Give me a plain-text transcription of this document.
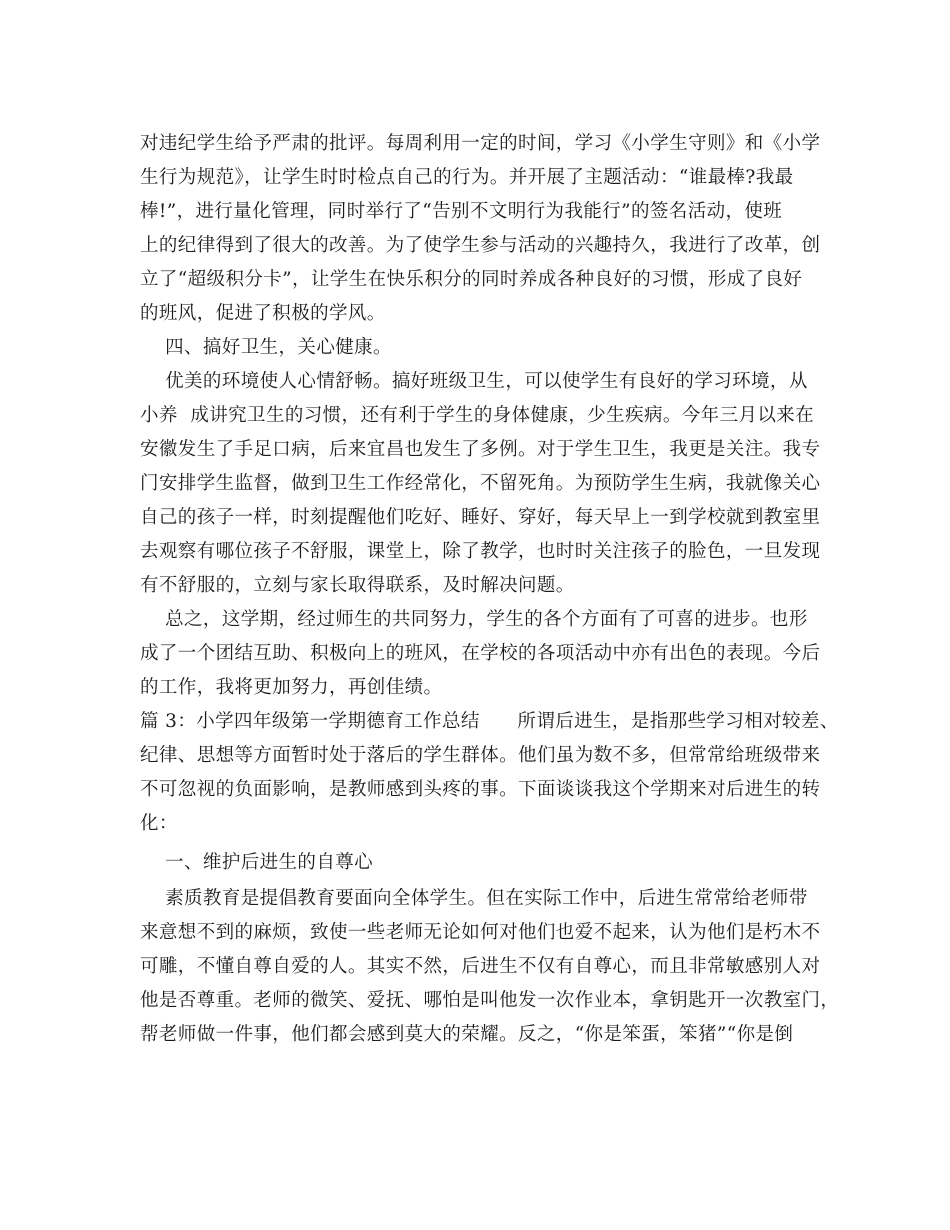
对违纪学生给予严肃的批评。每周利用一定的时间，学习《小学生守则》和《小学
生行为规范》，让学生时时检点自己的行为。并开展了主题活动：“谁最棒?我最
棒!”，进行量化管理，同时举行了“告别不文明行为我能行”的签名活动，使班
上的纪律得到了很大的改善。为了使学生参与活动的兴趣持久，我进行了改革，创
立了“超级积分卡”，让学生在快乐积分的同时养成各种良好的习惯，形成了良好
的班风，促进了积极的学风。
四、搞好卫生，关心健康。
优美的环境使人心情舒畅。搞好班级卫生，可以使学生有良好的学习环境，从
小养  成讲究卫生的习惯，还有利于学生的身体健康，少生疾病。今年三月以来在
安徽发生了手足口病，后来宜昌也发生了多例。对于学生卫生，我更是关注。我专
门安排学生监督，做到卫生工作经常化，不留死角。为预防学生生病，我就像关心
自己的孩子一样，时刻提醒他们吃好、睡好、穿好，每天早上一到学校就到教室里
去观察有哪位孩子不舒服，课堂上，除了教学，也时时关注孩子的脸色，一旦发现
有不舒服的，立刻与家长取得联系，及时解决问题。
总之，这学期，经过师生的共同努力，学生的各个方面有了可喜的进步。也形
成了一个团结互助、积极向上的班风，在学校的各项活动中亦有出色的表现。今后
的工作，我将更加努力，再创佳绩。
篇 3：小学四年级第一学期德育工作总结      所谓后进生，是指那些学习相对较差、
纪律、思想等方面暂时处于落后的学生群体。他们虽为数不多，但常常给班级带来
不可忽视的负面影响，是教师感到头疼的事。下面谈谈我这个学期来对后进生的转
化：
一、维护后进生的自尊心
素质教育是提倡教育要面向全体学生。但在实际工作中，后进生常常给老师带
来意想不到的麻烦，致使一些老师无论如何对他们也爱不起来，认为他们是朽木不
可雕，不懂自尊自爱的人。其实不然，后进生不仅有自尊心，而且非常敏感别人对
他是否尊重。老师的微笑、爱抚、哪怕是叫他发一次作业本，拿钥匙开一次教室门，
帮老师做一件事，他们都会感到莫大的荣耀。反之，“你是笨蛋，笨猪”“你是倒
